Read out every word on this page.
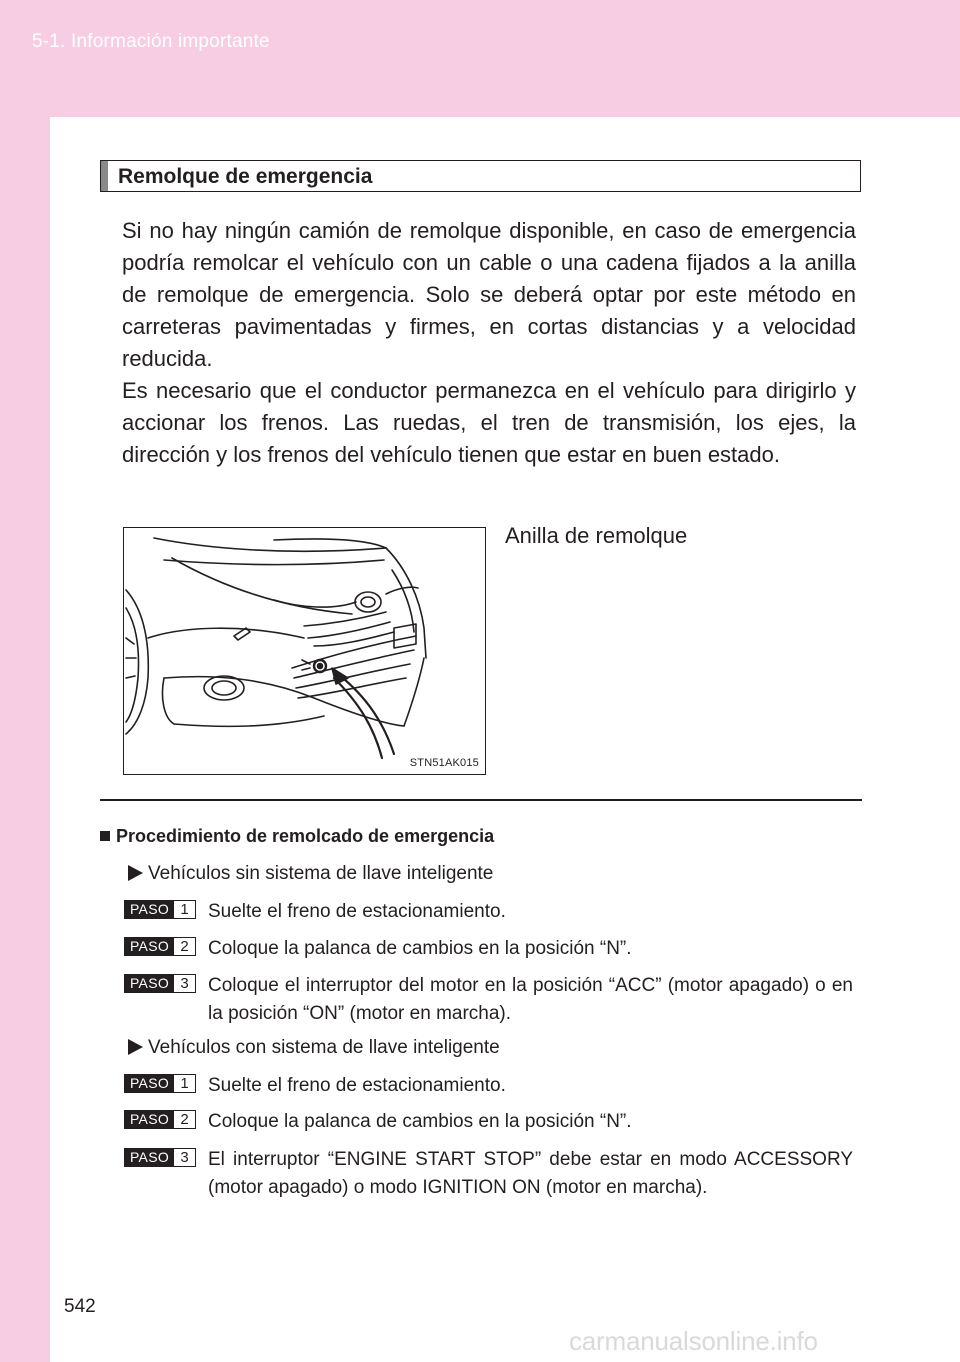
5-1. Información importante
Remolque de emergencia

Si no hay ningún camión de remolque disponible, en caso de emergencia podría remolcar el vehículo con un cable o una cadena fijados a la anilla de remolque de emergencia. Solo se deberá optar por este método en carreteras pavimentadas y firmes, en cortas distancias y a velocidad reducida.

Es necesario que el conductor permanezca en el vehículo para dirigirlo y accionar los frenos. Las ruedas, el tren de transmisión, los ejes, la dirección y los frenos del vehículo tienen que estar en buen estado.

STN51AK015
Anilla de remolque
Procedimiento de remolcado de emergencia
Vehículos sin sistema de llave inteligente
PASO 1	Suelte el freno de estacionamiento.

PASO 2	Coloque la palanca de cambios en la posición “N”.

PASO 3	Coloque el interruptor del motor en la posición “ACC” (motor apagado) o en la posición “ON” (motor en marcha).

Vehículos con sistema de llave inteligente
PASO 1	Suelte el freno de estacionamiento.

PASO 2	Coloque la palanca de cambios en la posición “N”.

PASO 3	El interruptor “ENGINE START STOP” debe estar en modo ACCESSORY (motor apagado) o modo IGNITION ON (motor en marcha).

542
carmanualsonline.info
